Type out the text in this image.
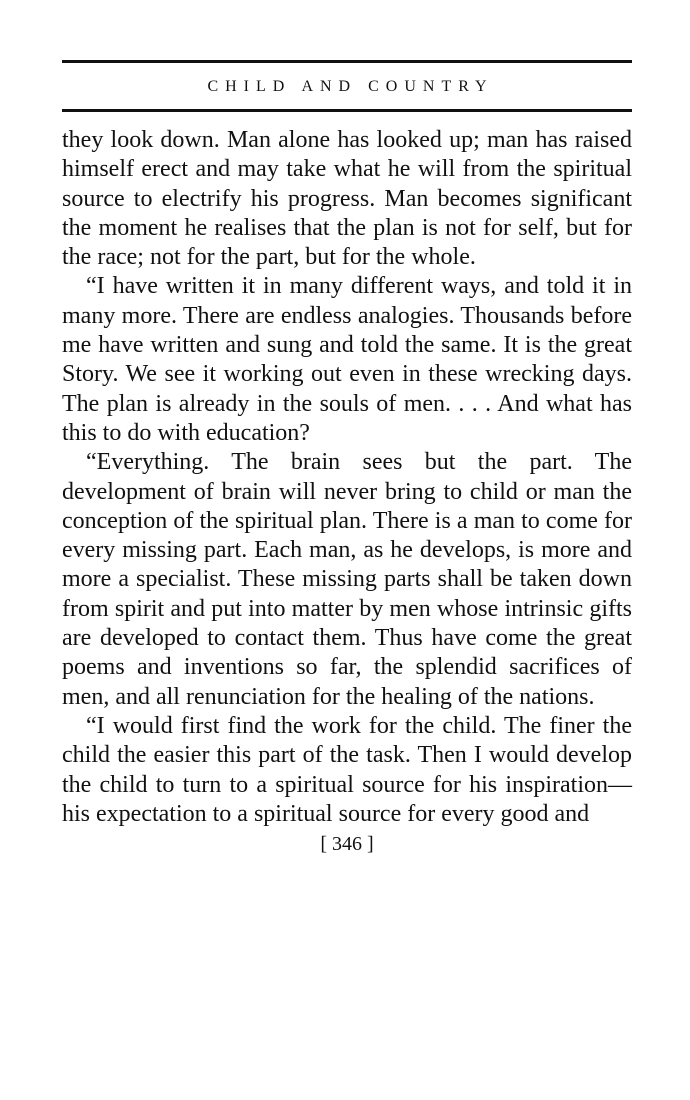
CHILD AND COUNTRY

they look down. Man alone has looked up; man has raised himself erect and may take what he will from the spiritual source to electrify his progress. Man becomes significant the moment he realises that the plan is not for self, but for the race; not for the part, but for the whole.

“I have written it in many different ways, and told it in many more. There are endless analogies. Thousands before me have written and sung and told the same. It is the great Story. We see it working out even in these wrecking days. The plan is already in the souls of men. . . . And what has this to do with education?

“Everything. The brain sees but the part. The development of brain will never bring to child or man the conception of the spiritual plan. There is a man to come for every missing part. Each man, as he develops, is more and more a specialist. These missing parts shall be taken down from spirit and put into matter by men whose intrinsic gifts are developed to contact them. Thus have come the great poems and inventions so far, the splendid sacrifices of men, and all renunciation for the healing of the nations.

“I would first find the work for the child. The finer the child the easier this part of the task. Then I would develop the child to turn to a spiritual source for his inspiration—his expectation to a spiritual source for every good and

[ 346 ]
